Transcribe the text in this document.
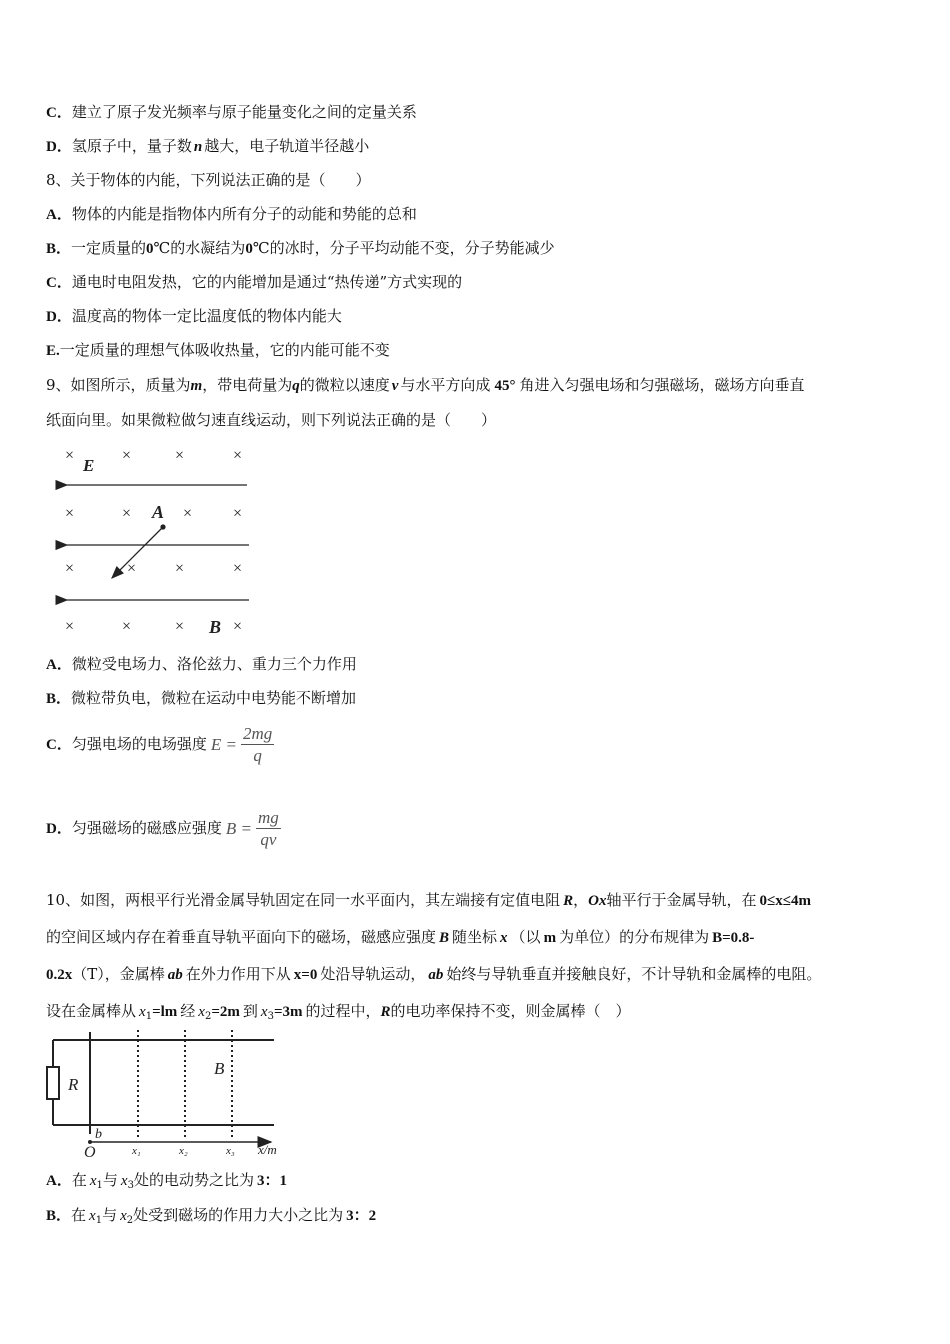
C．建立了原子发光频率与原子能量变化之间的定量关系
D．氢原子中，量子数 n 越大，电子轨道半径越小
8、关于物体的内能，下列说法正确的是（　　）
A．物体的内能是指物体内所有分子的动能和势能的总和
B．一定质量的0℃的水凝结为0℃的冰时，分子平均动能不变，分子势能减少
C．通电时电阻发热，它的内能增加是通过“热传递”方式实现的
D．温度高的物体一定比温度低的物体内能大
E.一定质量的理想气体吸收热量，它的内能可能不变
9、如图所示，质量为m，带电荷量为q的微粒以速度 v 与水平方向成 45° 角进入匀强电场和匀强磁场，磁场方向垂直
纸面向里。如果微粒做匀速直线运动，则下列说法正确的是（　　）
×	×	×	×
×	×	×	×
×	× ×	×
×	×	×	×
E
A
B
A．微粒受电场力、洛伦兹力、重力三个力作用
B．微粒带负电，微粒在运动中电势能不断增加
C．匀强电场的电场强度 $E = \frac{2mg}{q}$
D．匀强磁场的磁感应强度 $B = \frac{mg}{qv}$
10、如图，两根平行光滑金属导轨固定在同一水平面内，其左端接有定值电阻 R，Ox轴平行于金属导轨，在 0≤x≤4m
的空间区域内存在着垂直导轨平面向下的磁场，磁感应强度 B 随坐标 x （以 m 为单位）的分布规律为 B=0.8-
0.2x（T），金属棒 ab 在外力作用下从 x=0 处沿导轨运动， ab 始终与导轨垂直并接触良好，不计导轨和金属棒的电阻。
设在金属棒从 $x_1=lm$ 经 $x_2=2m$ 到 $x_3=3m$ 的过程中，R的电功率保持不变，则金属棒（　）
R
b
B
O	x₁	x₂	x₃ x/m
A．在 $x_1$与 $x_3$处的电动势之比为 3：1
B．在 $x_1$与 $x_2$处受到磁场的作用力大小之比为 3：2
